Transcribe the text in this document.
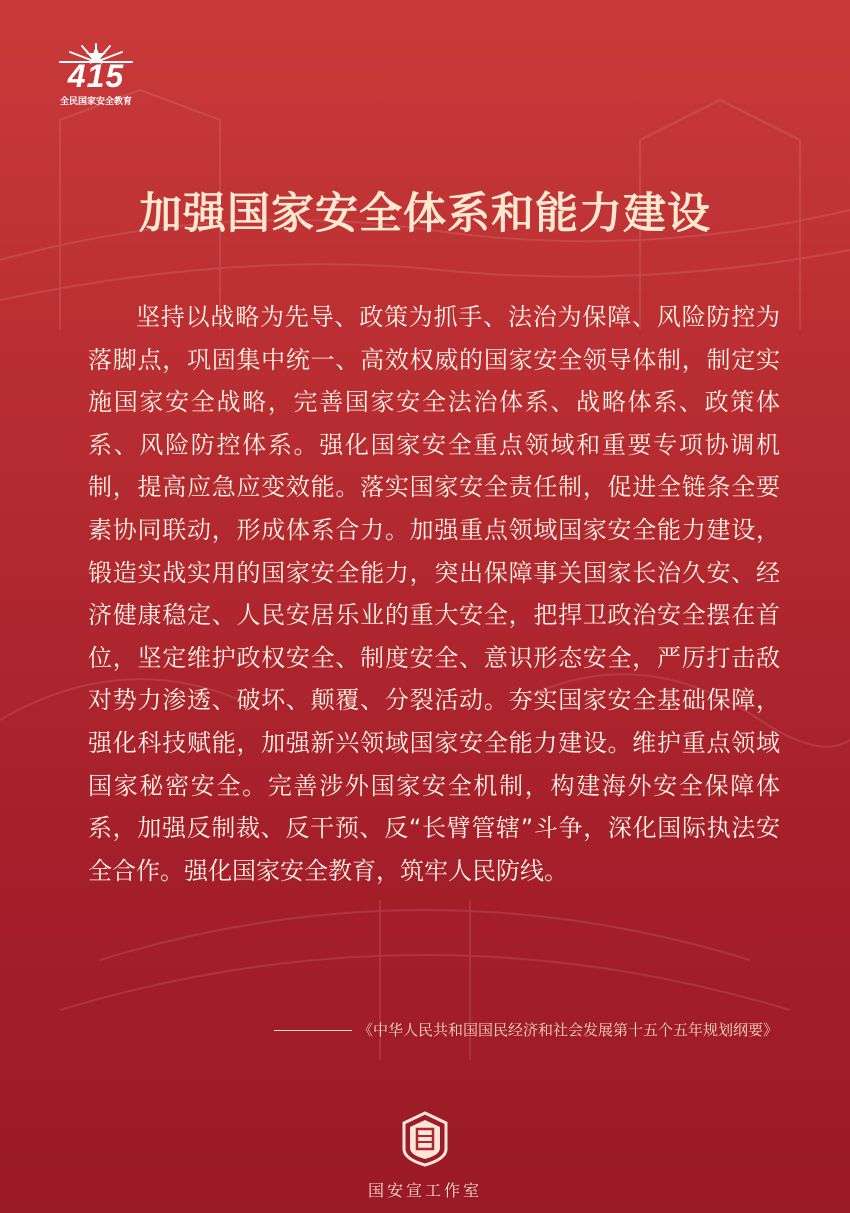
415
全民国家安全教育
加强国家安全体系和能力建设

坚持以战略为先导、政策为抓手、法治为保障、风险防控为落脚点，巩固集中统一、高效权威的国家安全领导体制，制定实施国家安全战略，完善国家安全法治体系、战略体系、政策体系、风险防控体系。强化国家安全重点领域和重要专项协调机制，提高应急应变效能。落实国家安全责任制，促进全链条全要素协同联动，形成体系合力。加强重点领域国家安全能力建设，锻造实战实用的国家安全能力，突出保障事关国家长治久安、经济健康稳定、人民安居乐业的重大安全，把捍卫政治安全摆在首位，坚定维护政权安全、制度安全、意识形态安全，严厉打击敌对势力渗透、破坏、颠覆、分裂活动。夯实国家安全基础保障，强化科技赋能，加强新兴领域国家安全能力建设。维护重点领域国家秘密安全。完善涉外国家安全机制，构建海外安全保障体系，加强反制裁、反干预、反“长臂管辖”斗争，深化国际执法安全合作。强化国家安全教育，筑牢人民防线。

《中华人民共和国国民经济和社会发展第十五个五年规划纲要》
国安宣工作室
